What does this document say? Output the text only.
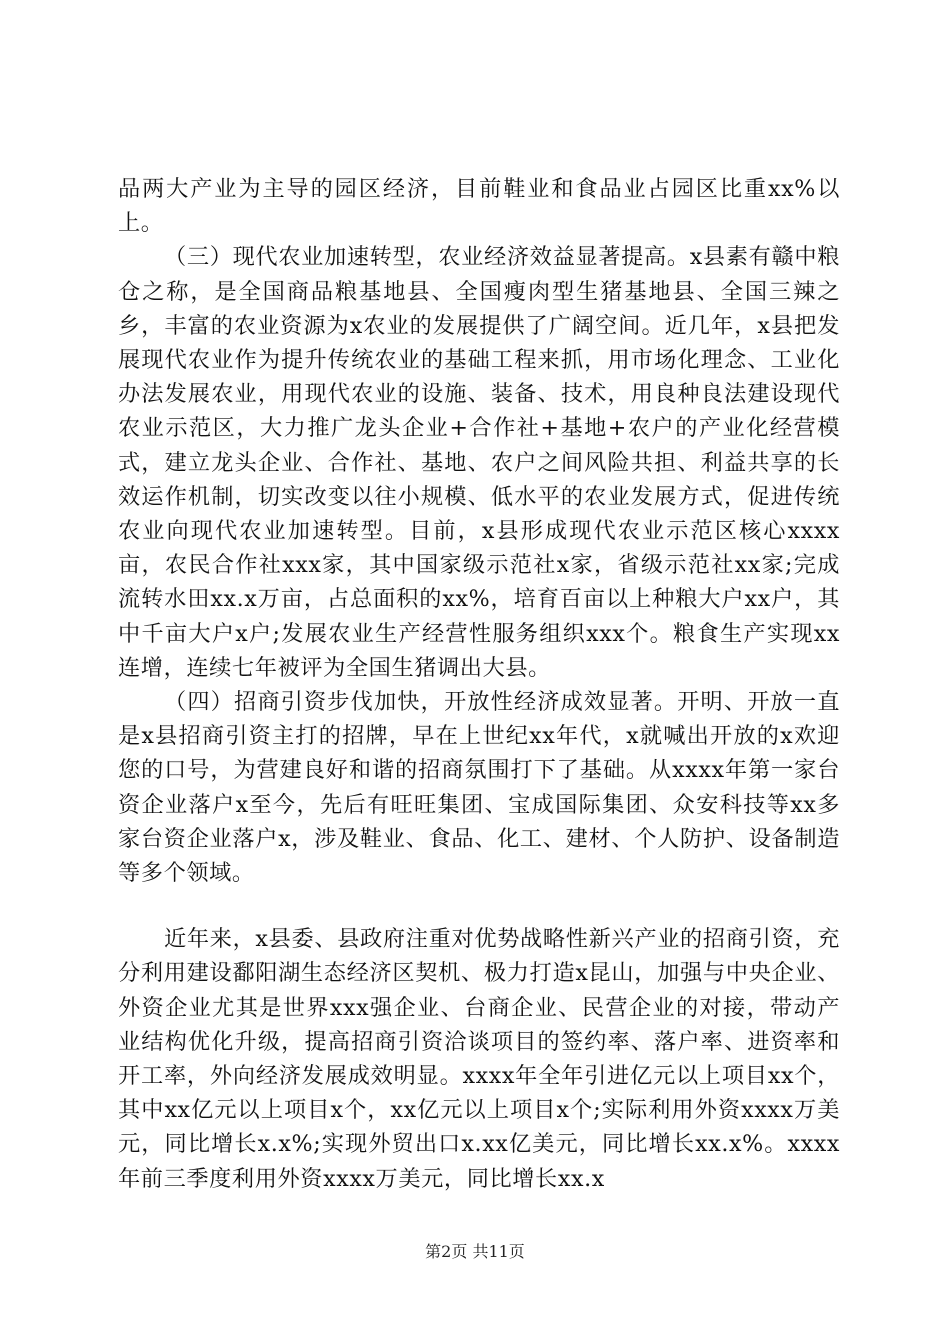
品两大产业为主导的园区经济，目前鞋业和食品业占园区比重xx%以上。

（三）现代农业加速转型，农业经济效益显著提高。x县素有赣中粮仓之称，是全国商品粮基地县、全国瘦肉型生猪基地县、全国三辣之乡，丰富的农业资源为x农业的发展提供了广阔空间。近几年，x县把发展现代农业作为提升传统农业的基础工程来抓，用市场化理念、工业化办法发展农业，用现代农业的设施、装备、技术，用良种良法建设现代农业示范区，大力推广龙头企业+合作社+基地+农户的产业化经营模式，建立龙头企业、合作社、基地、农户之间风险共担、利益共享的长效运作机制，切实改变以往小规模、低水平的农业发展方式，促进传统农业向现代农业加速转型。目前，x县形成现代农业示范区核心xxxx亩，农民合作社xxx家，其中国家级示范社x家，省级示范社xx家;完成流转水田xx.x万亩，占总面积的xx%，培育百亩以上种粮大户xx户，其中千亩大户x户;发展农业生产经营性服务组织xxx个。粮食生产实现xx连增，连续七年被评为全国生猪调出大县。

（四）招商引资步伐加快，开放性经济成效显著。开明、开放一直是x县招商引资主打的招牌，早在上世纪xx年代，x就喊出开放的x欢迎您的口号，为营建良好和谐的招商氛围打下了基础。从xxxx年第一家台资企业落户x至今，先后有旺旺集团、宝成国际集团、众安科技等xx多家台资企业落户x，涉及鞋业、食品、化工、建材、个人防护、设备制造等多个领域。

近年来，x县委、县政府注重对优势战略性新兴产业的招商引资，充分利用建设鄱阳湖生态经济区契机、极力打造x昆山，加强与中央企业、外资企业尤其是世界xxx强企业、台商企业、民营企业的对接，带动产业结构优化升级，提高招商引资洽谈项目的签约率、落户率、进资率和开工率，外向经济发展成效明显。xxxx年全年引进亿元以上项目xx个，其中xx亿元以上项目x个，xx亿元以上项目x个;实际利用外资xxxx万美元，同比增长x.x%;实现外贸出口x.xx亿美元，同比增长xx.x%。xxxx年前三季度利用外资xxxx万美元，同比增长xx.x

第2页 共11页
